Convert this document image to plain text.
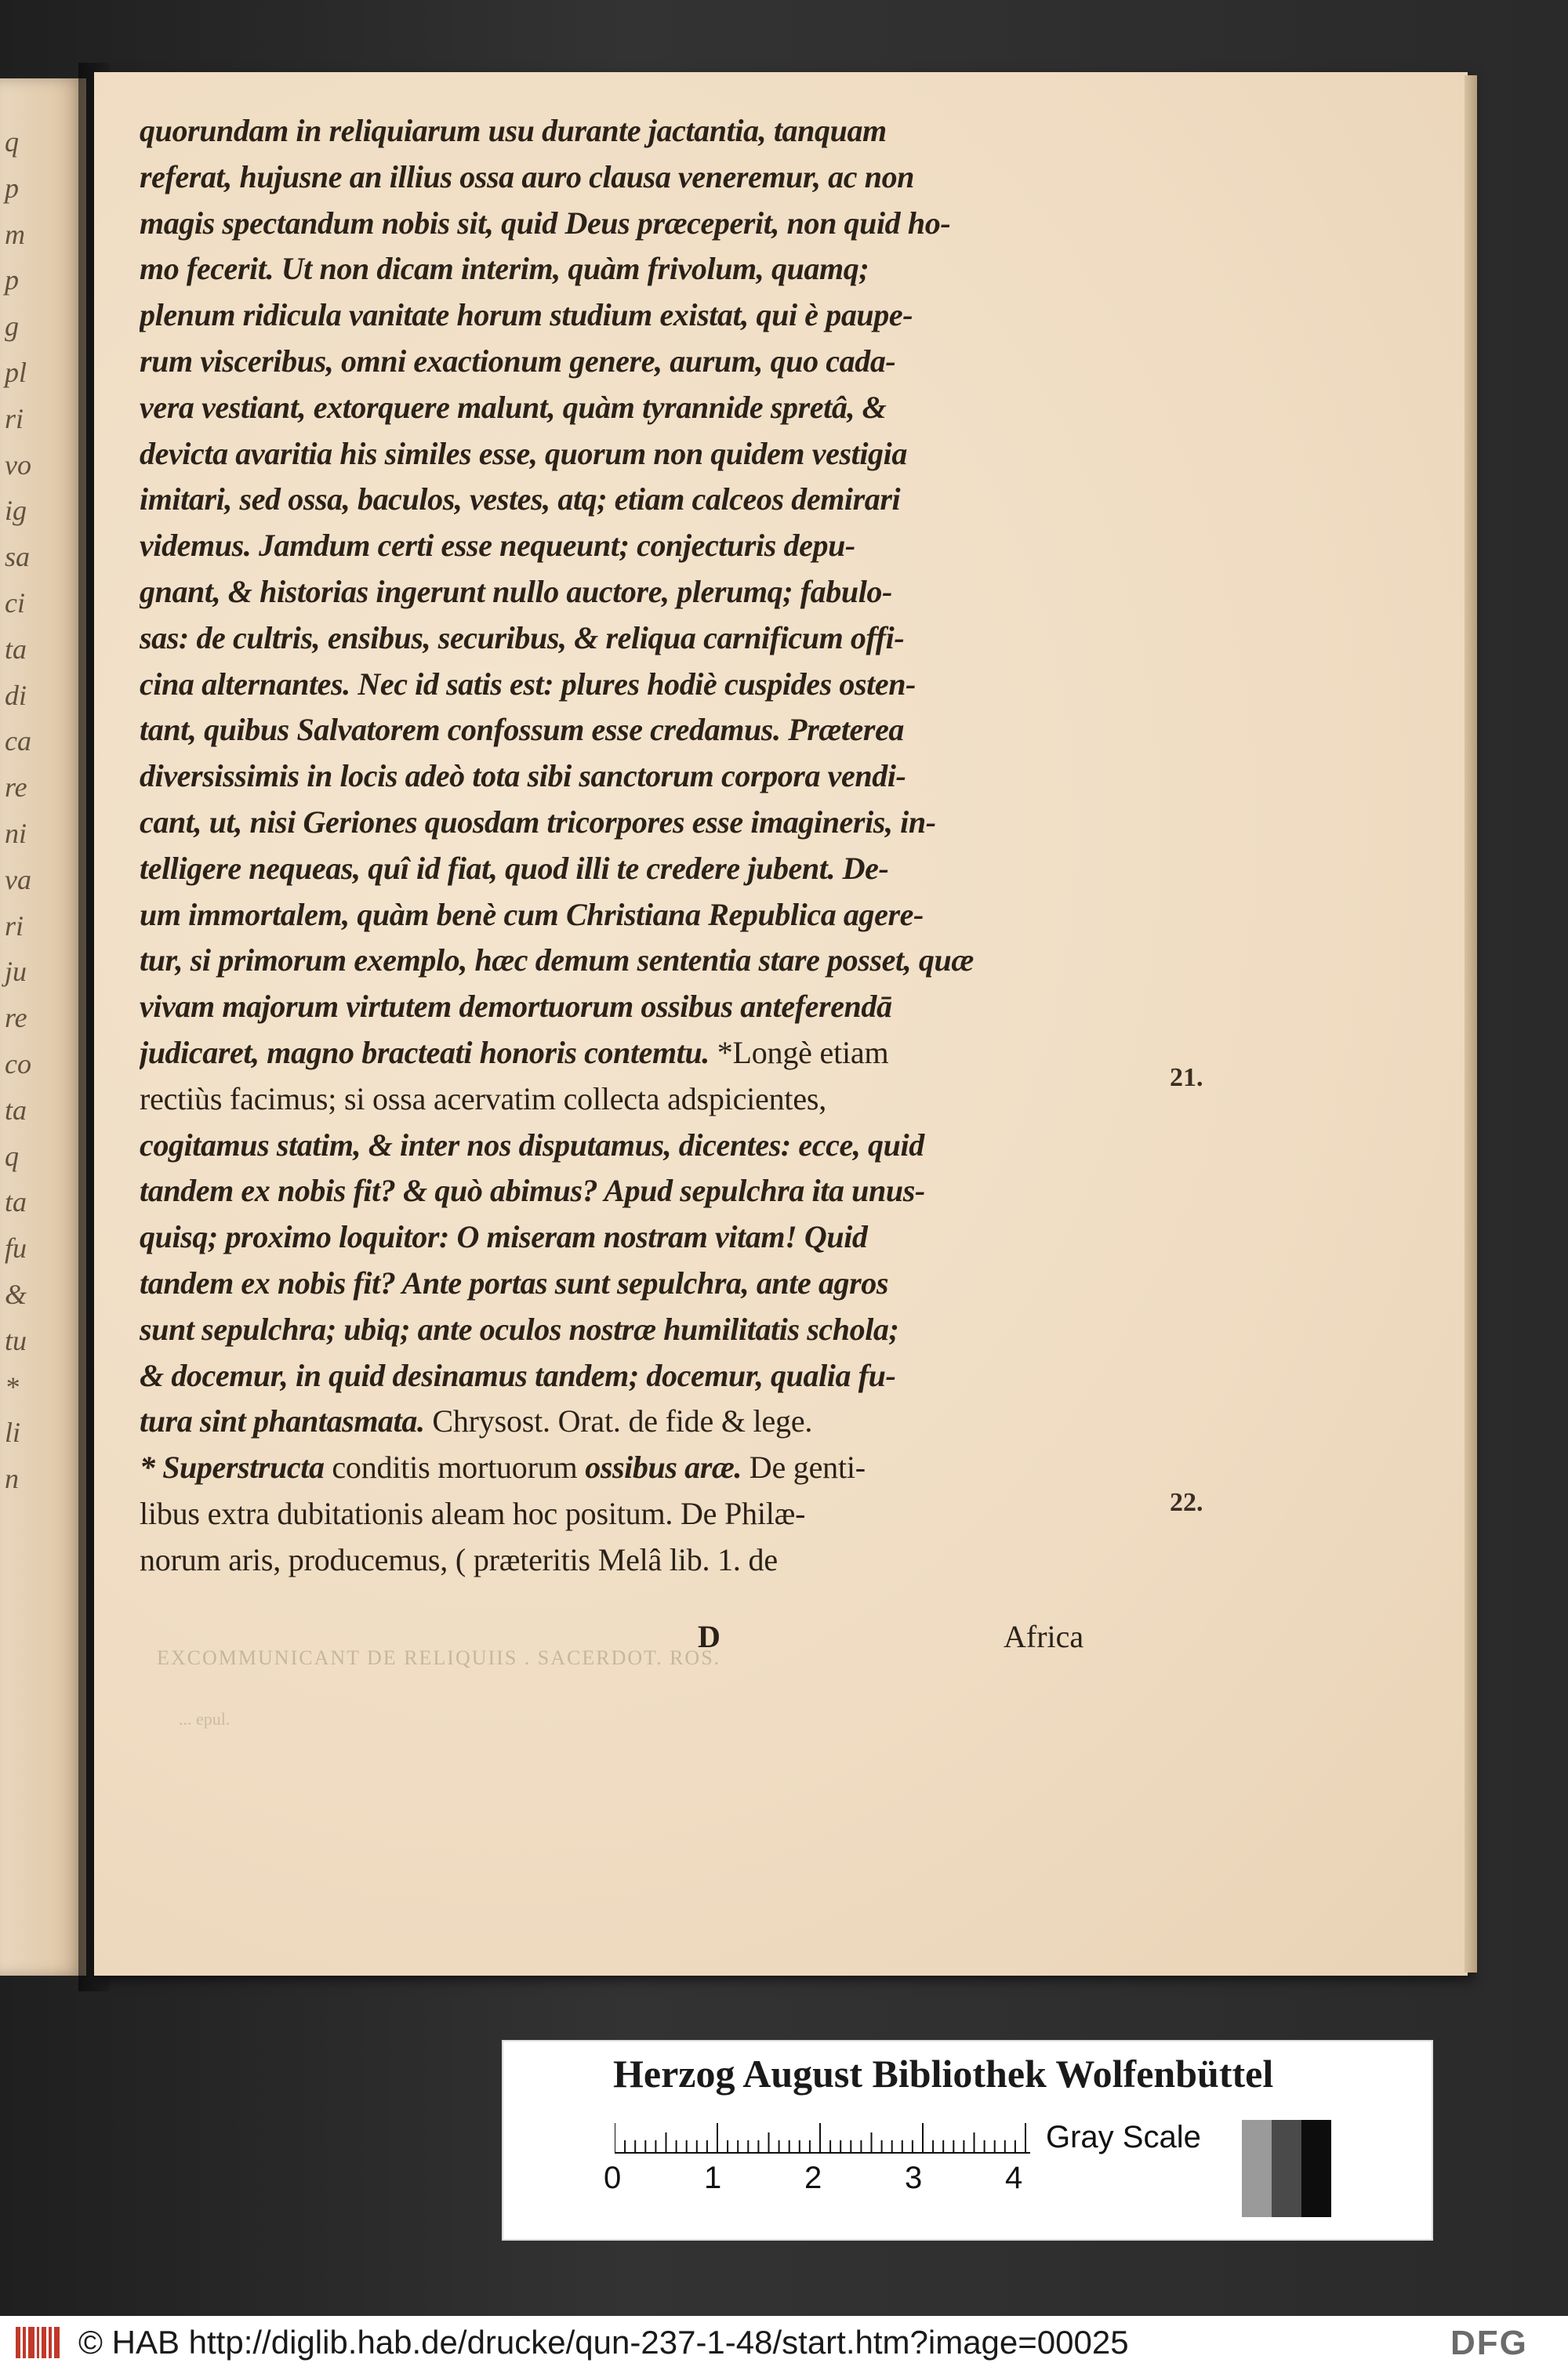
q
p
m
p
g
pl
ri
vo
ig
sa
ci
ta
di
ca
re
ni
va
ri
ju
re
co
ta
q
ta
fu
&
tu
*
li
n
quorundam in reliquiarum usu durante jactantia, tanquam
referat, hujusne an illius ossa auro clausa veneremur, ac non
magis spectandum nobis sit, quid Deus præceperit, non quid ho-
mo fecerit. Ut non dicam interim, quàm frivolum, quamq;
plenum ridicula vanitate horum studium existat, qui è paupe-
rum visceribus, omni exactionum genere, aurum, quo cada-
vera vestiant, extorquere malunt, quàm tyrannide spretâ, &
devicta avaritia his similes esse, quorum non quidem vestigia
imitari, sed ossa, baculos, vestes, atq; etiam calceos demirari
videmus. Jamdum certi esse nequeunt; conjecturis depu-
gnant, & historias ingerunt nullo auctore, plerumq; fabulo-
sas: de cultris, ensibus, securibus, & reliqua carnificum offi-
cina alternantes. Nec id satis est: plures hodiè cuspides osten-
tant, quibus Salvatorem confossum esse credamus. Præterea
diversissimis in locis adeò tota sibi sanctorum corpora vendi-
cant, ut, nisi Geriones quosdam tricorpores esse imagineris, in-
telligere nequeas, quî id fiat, quod illi te credere jubent. De-
um immortalem, quàm benè cum Christiana Republica agere-
tur, si primorum exemplo, hæc demum sententia stare posset, quæ
vivam majorum virtutem demortuorum ossibus anteferendā
judicaret, magno bracteati honoris contemtu. *Longè etiam
rectiùs facimus; si ossa acervatim collecta adspicientes,
cogitamus statim, & inter nos disputamus, dicentes: ecce, quid
tandem ex nobis fit? & quò abimus? Apud sepulchra ita unus-
quisq; proximo loquitor: O miseram nostram vitam! Quid
tandem ex nobis fit? Ante portas sunt sepulchra, ante agros
sunt sepulchra; ubiq; ante oculos nostræ humilitatis schola;
& docemur, in quid desinamus tandem; docemur, qualia fu-
tura sint phantasmata. Chrysost. Orat. de fide & lege.
* Superstructa conditis mortuorum ossibus aræ. De genti-
libus extra dubitationis aleam hoc positum. De Philæ-
norum aris, producemus, ( præteritis Melâ lib. 1. de
21.
22.
D	Africa
EXCOMMUNICANT DE RELIQUIIS . SACERDOT. ROS.
... epul.
Herzog August Bibliothek Wolfenbüttel
0	1	2	3	4
Gray Scale
© HAB http://diglib.hab.de/drucke/qun-237-1-48/start.htm?image=00025	DFG
